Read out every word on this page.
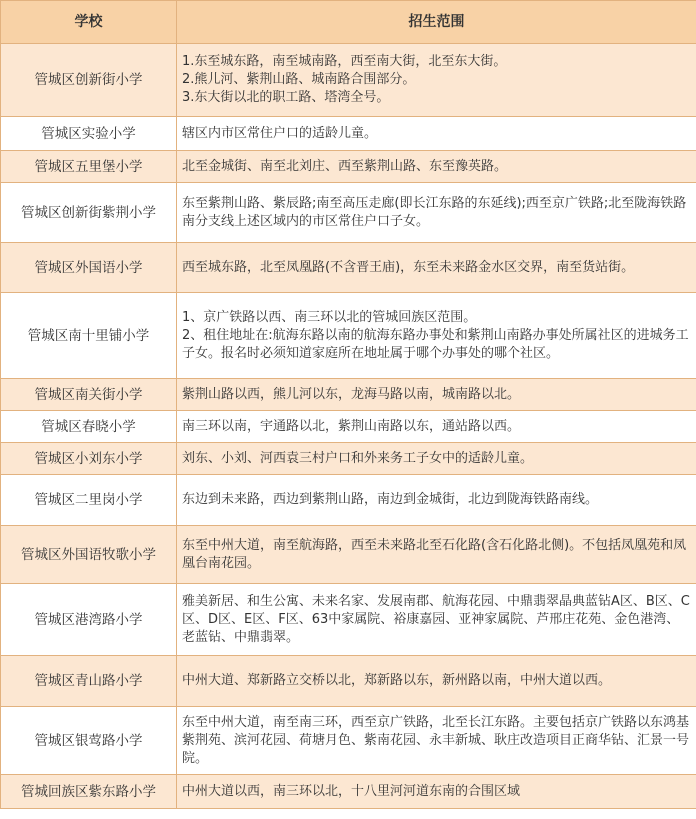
学校	招生范围
管城区创新街小学	1.东至城东路，南至城南路，西至南大街，北至东大街。
2.熊儿河、紫荆山路、城南路合围部分。
3.东大街以北的职工路、塔湾全号。

管城区实验小学	辖区内市区常住户口的适龄儿童。

管城区五里堡小学	北至金城街、南至北刘庄、西至紫荆山路、东至豫英路。

管城区创新街紫荆小学	东至紫荆山路、紫辰路;南至高压走廊(即长江东路的东延线);西至京广铁路;北至陇海铁路南分支线上述区域内的市区常住户口子女。

管城区外国语小学	西至城东路，北至凤凰路(不含晋王庙)，东至未来路金水区交界，南至货站街。

管城区南十里铺小学	1、京广铁路以西、南三环以北的管城回族区范围。
2、租住地址在:航海东路以南的航海东路办事处和紫荆山南路办事处所属社区的进城务工子女。报名时必须知道家庭所在地址属于哪个办事处的哪个社区。

管城区南关街小学	紫荆山路以西，熊儿河以东，龙海马路以南，城南路以北。

管城区春晓小学	南三环以南，宇通路以北，紫荆山南路以东，通站路以西。

管城区小刘东小学	刘东、小刘、河西袁三村户口和外来务工子女中的适龄儿童。

管城区二里岗小学	东边到未来路，西边到紫荆山路，南边到金城街，北边到陇海铁路南线。

管城区外国语牧歌小学	东至中州大道，南至航海路，西至未来路北至石化路(含石化路北侧)。不包括凤凰苑和凤凰台南花园。

管城区港湾路小学	雅美新居、和生公寓、未来名家、发展南郡、航海花园、中鼎翡翠晶典蓝钻A区、B区、C区、D区、E区、F区、63中家属院、裕康嘉园、亚神家属院、芦邢庄花苑、金色港湾、老蓝钻、中鼎翡翠。

管城区青山路小学	中州大道、郑新路立交桥以北，郑新路以东，新州路以南，中州大道以西。

管城区银莺路小学	东至中州大道，南至南三环，西至京广铁路，北至长江东路。主要包括京广铁路以东鸿基紫荆苑、滨河花园、荷塘月色、紫南花园、永丰新城、耿庄改造项目正商华钻、汇景一号院。

管城回族区紫东路小学	中州大道以西，南三环以北，十八里河河道东南的合围区域
